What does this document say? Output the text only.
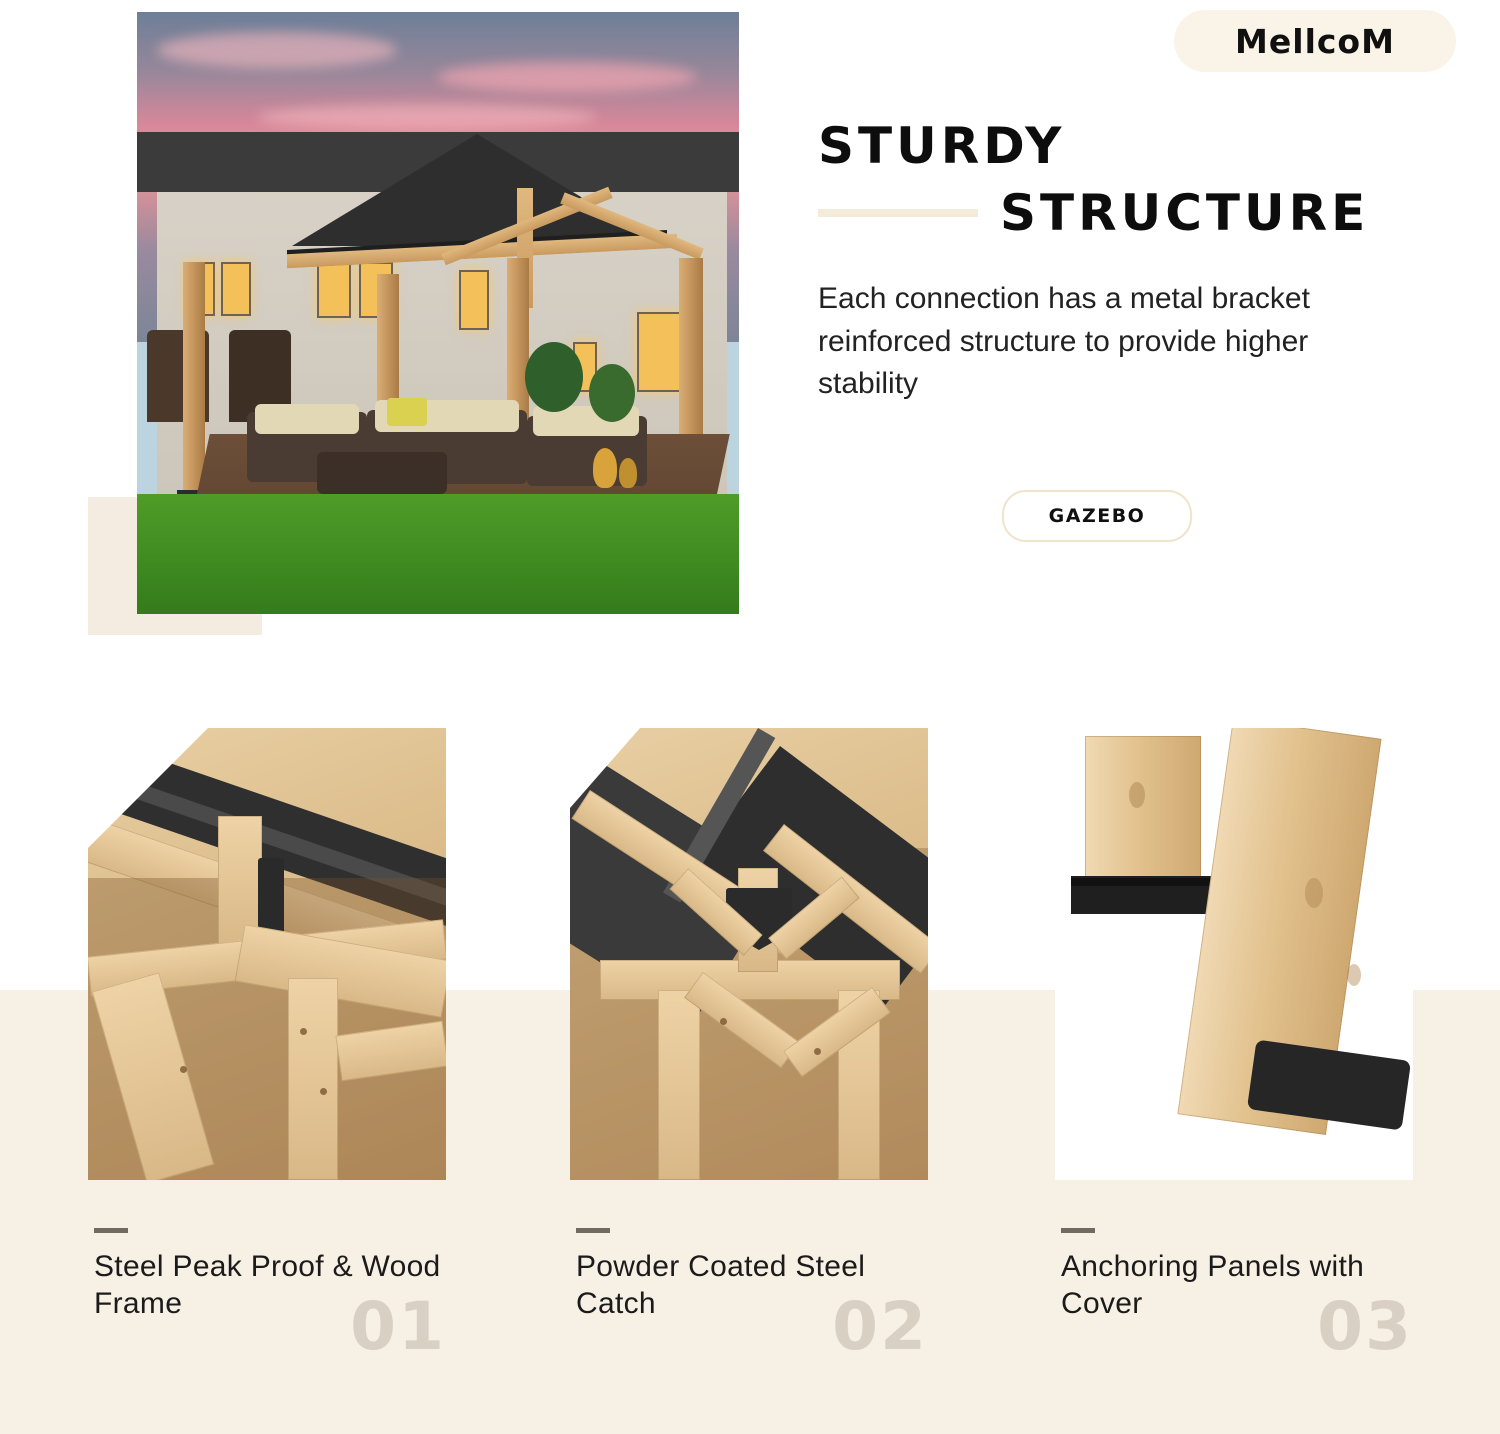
MellcoM
STURDY
STRUCTURE
Each connection has a metal bracket reinforced structure to provide higher stability
GAZEBO
Steel Peak Proof & Wood Frame	01
Powder Coated Steel Catch	02
Anchoring Panels with Cover	03
